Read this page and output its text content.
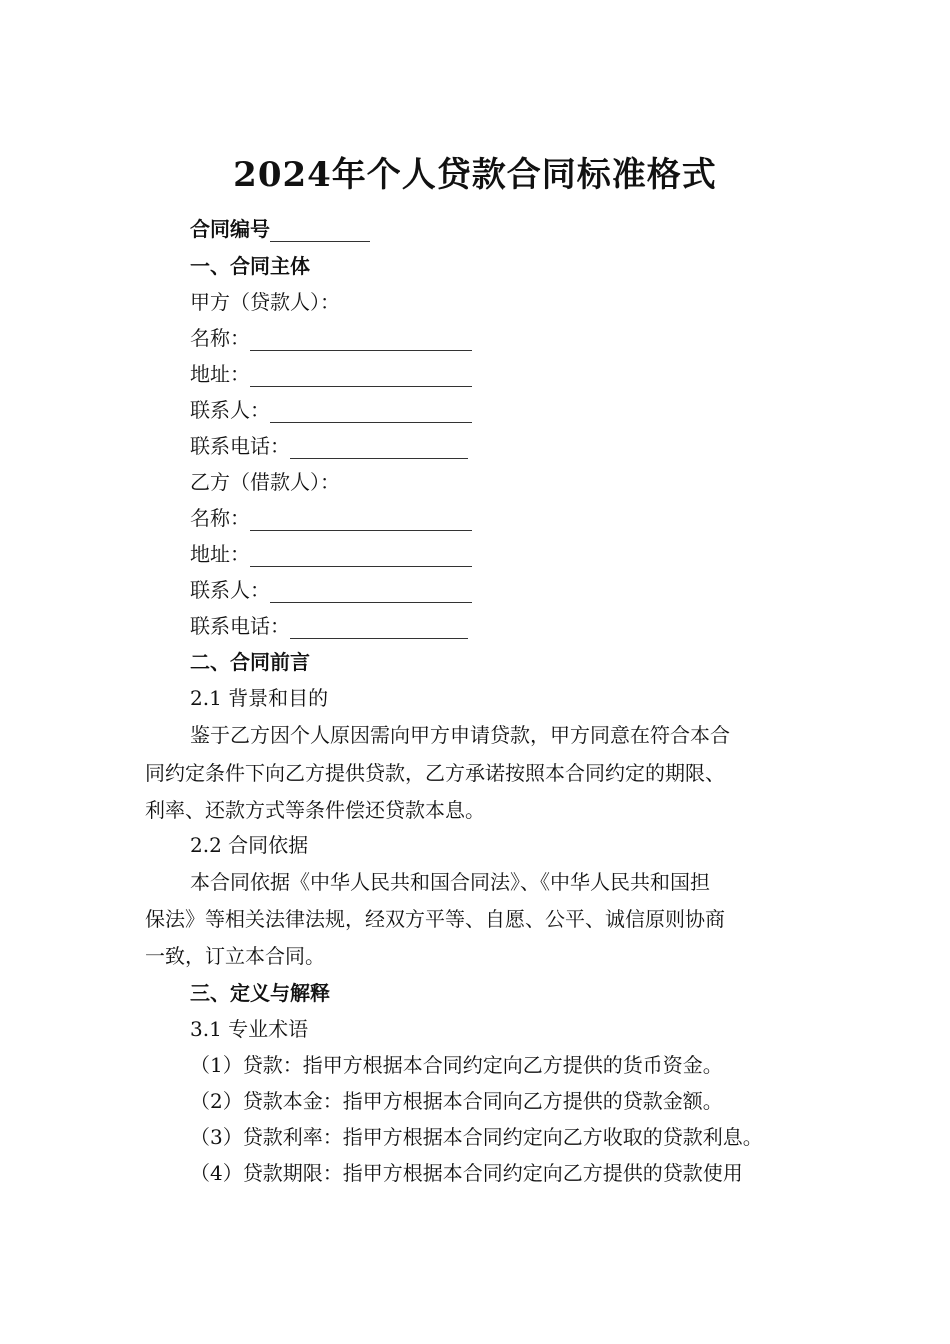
2024年个人贷款合同标准格式
合同编号
一、合同主体
甲方（贷款人）：
名称：
地址：
联系人：
联系电话：
乙方（借款人）：
名称：
地址：
联系人：
联系电话：
二、合同前言
2.1 背景和目的
鉴于乙方因个人原因需向甲方申请贷款，甲方同意在符合本合
同约定条件下向乙方提供贷款，乙方承诺按照本合同约定的期限、
利率、还款方式等条件偿还贷款本息。
2.2 合同依据
本合同依据《中华人民共和国合同法》、《中华人民共和国担
保法》等相关法律法规，经双方平等、自愿、公平、诚信原则协商
一致，订立本合同。
三、定义与解释
3.1 专业术语
（1）贷款：指甲方根据本合同约定向乙方提供的货币资金。
（2）贷款本金：指甲方根据本合同向乙方提供的贷款金额。
（3）贷款利率：指甲方根据本合同约定向乙方收取的贷款利息。
（4）贷款期限：指甲方根据本合同约定向乙方提供的贷款使用
